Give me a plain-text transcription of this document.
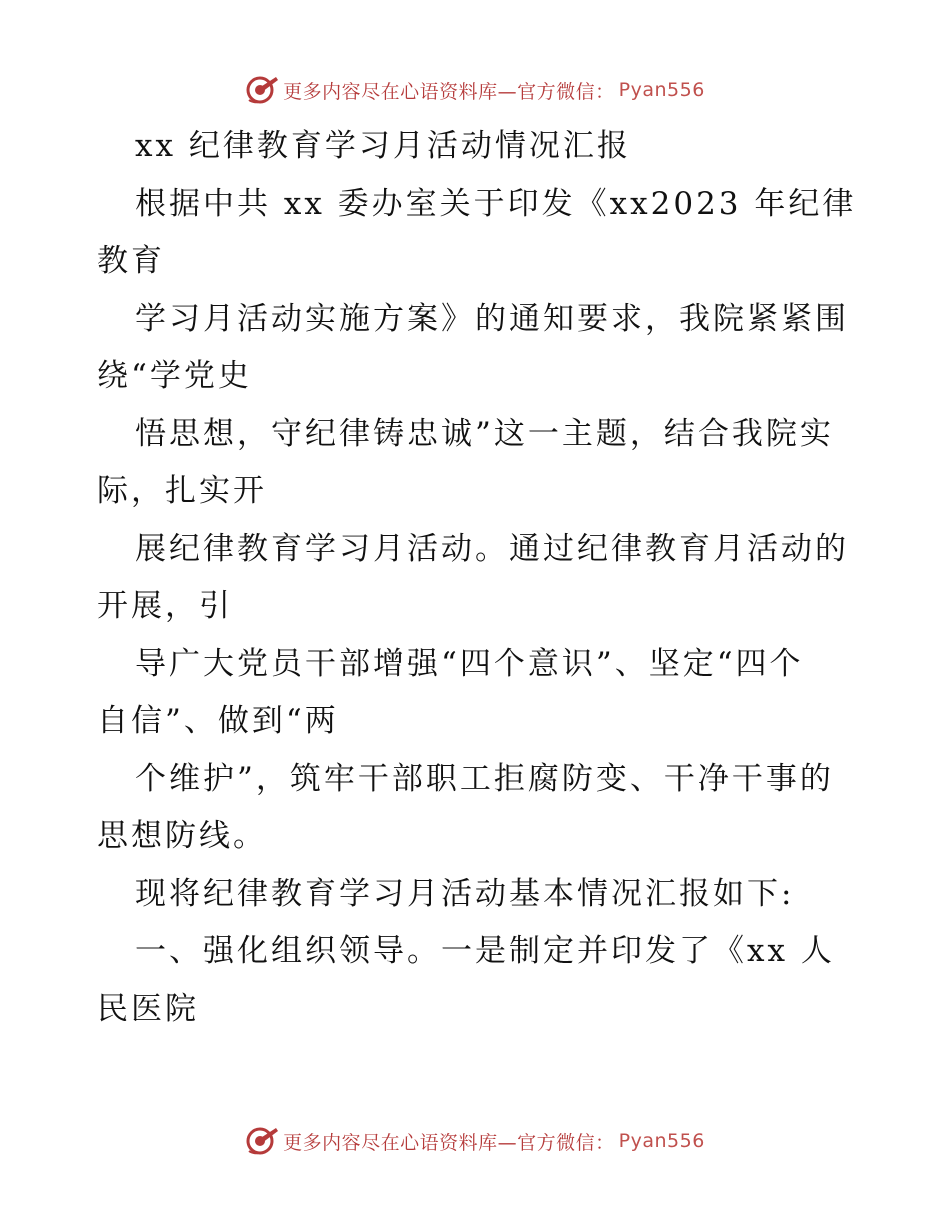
更多内容尽在心语资料库—官方微信： Pyan556

xx 纪律教育学习月活动情况汇报

根据中共 xx 委办室关于印发《xx2023 年纪律

教育

学习月活动实施方案》的通知要求，我院紧紧围

绕“学党史

悟思想，守纪律铸忠诚”这一主题，结合我院实

际，扎实开

展纪律教育学习月活动。通过纪律教育月活动的

开展，引

导广大党员干部增强“四个意识”、坚定“四个

自信”、做到“两

个维护”，筑牢干部职工拒腐防变、干净干事的

思想防线。

现将纪律教育学习月活动基本情况汇报如下:

一、强化组织领导。一是制定并印发了《xx 人

民医院

更多内容尽在心语资料库—官方微信： Pyan556
